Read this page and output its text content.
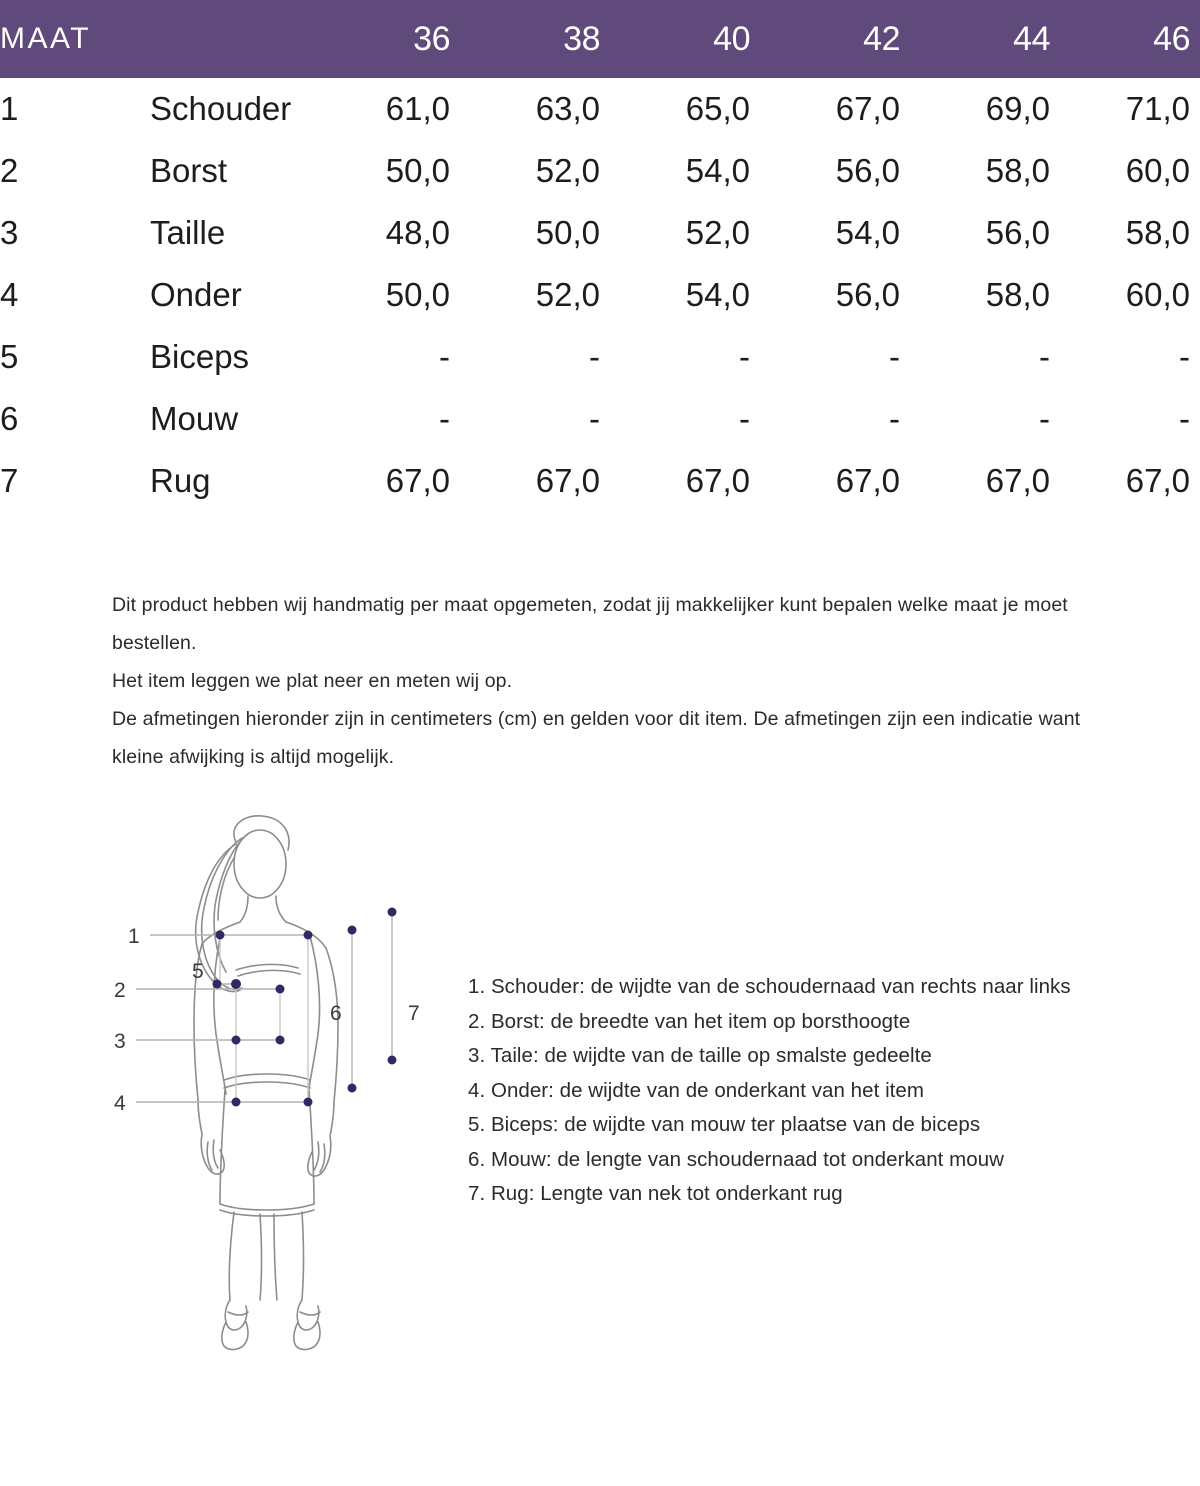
MAAT		36	38	40	42	44	46
1	Schouder	61,0	63,0	65,0	67,0	69,0	71,0
2	Borst	50,0	52,0	54,0	56,0	58,0	60,0
3	Taille	48,0	50,0	52,0	54,0	56,0	58,0
4	Onder	50,0	52,0	54,0	56,0	58,0	60,0
5	Biceps	-	-	-	-	-	-
6	Mouw	-	-	-	-	-	-
7	Rug	67,0	67,0	67,0	67,0	67,0	67,0

Dit product hebben wij handmatig per maat opgemeten, zodat jij makkelijker kunt bepalen welke maat je moet bestellen.

Het item leggen we plat neer en meten wij op.

De afmetingen hieronder zijn in centimeters (cm) en gelden voor dit item. De afmetingen zijn een indicatie want kleine afwijking is altijd mogelijk.

1
2
3
4
5
6	7
1. Schouder: de wijdte van de schoudernaad van rechts naar links
2. Borst: de breedte van het item op borsthoogte
3. Taile: de wijdte van de taille op smalste gedeelte
4. Onder: de wijdte van de onderkant van het item
5. Biceps: de wijdte van mouw ter plaatse van de biceps
6. Mouw: de lengte van schoudernaad tot onderkant mouw
7. Rug: Lengte van nek tot onderkant rug
